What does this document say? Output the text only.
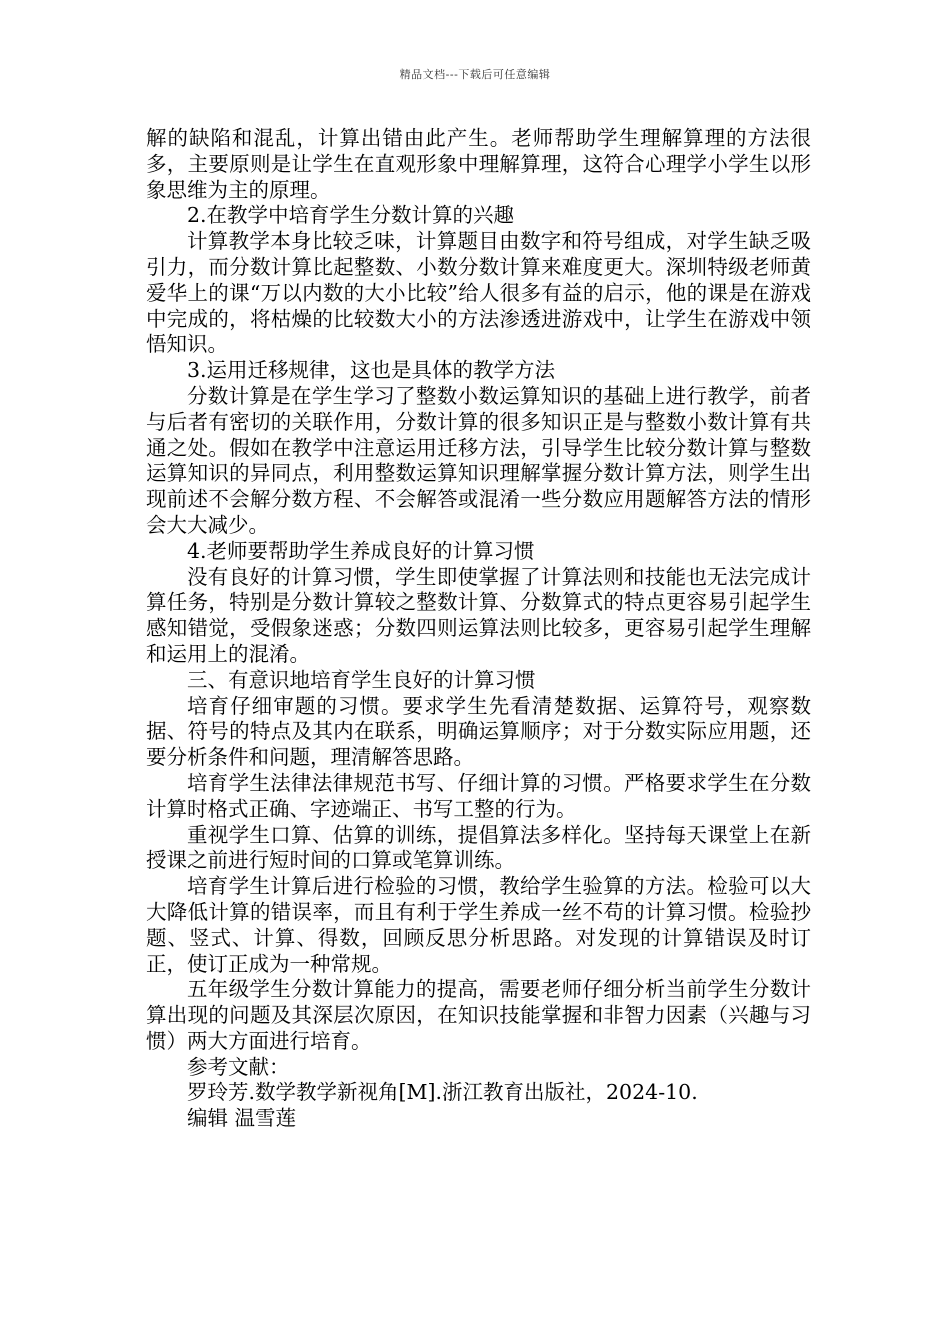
精品文档---下载后可任意编辑

解的缺陷和混乱，计算出错由此产生。老师帮助学生理解算理的方法很多，主要原则是让学生在直观形象中理解算理，这符合心理学小学生以形象思维为主的原理。

2.在教学中培育学生分数计算的兴趣

计算教学本身比较乏味，计算题目由数字和符号组成，对学生缺乏吸引力，而分数计算比起整数、小数分数计算来难度更大。深圳特级老师黄爱华上的课“万以内数的大小比较”给人很多有益的启示，他的课是在游戏中完成的，将枯燥的比较数大小的方法渗透进游戏中，让学生在游戏中领悟知识。

3.运用迁移规律，这也是具体的教学方法

分数计算是在学生学习了整数小数运算知识的基础上进行教学，前者与后者有密切的关联作用，分数计算的很多知识正是与整数小数计算有共通之处。假如在教学中注意运用迁移方法，引导学生比较分数计算与整数运算知识的异同点，利用整数运算知识理解掌握分数计算方法，则学生出现前述不会解分数方程、不会解答或混淆一些分数应用题解答方法的情形会大大减少。

4.老师要帮助学生养成良好的计算习惯

没有良好的计算习惯，学生即使掌握了计算法则和技能也无法完成计算任务，特别是分数计算较之整数计算、分数算式的特点更容易引起学生感知错觉，受假象迷惑；分数四则运算法则比较多，更容易引起学生理解和运用上的混淆。

三、有意识地培育学生良好的计算习惯

培育仔细审题的习惯。要求学生先看清楚数据、运算符号，观察数据、符号的特点及其内在联系，明确运算顺序；对于分数实际应用题，还要分析条件和问题，理清解答思路。

培育学生法律法律规范书写、仔细计算的习惯。严格要求学生在分数计算时格式正确、字迹端正、书写工整的行为。

重视学生口算、估算的训练，提倡算法多样化。坚持每天课堂上在新授课之前进行短时间的口算或笔算训练。

培育学生计算后进行检验的习惯，教给学生验算的方法。检验可以大大降低计算的错误率，而且有利于学生养成一丝不苟的计算习惯。检验抄题、竖式、计算、得数，回顾反思分析思路。对发现的计算错误及时订正，使订正成为一种常规。

五年级学生分数计算能力的提高，需要老师仔细分析当前学生分数计算出现的问题及其深层次原因，在知识技能掌握和非智力因素（兴趣与习惯）两大方面进行培育。

参考文献：

罗玲芳.数学教学新视角[M].浙江教育出版社，2024-10.

编辑 温雪莲
